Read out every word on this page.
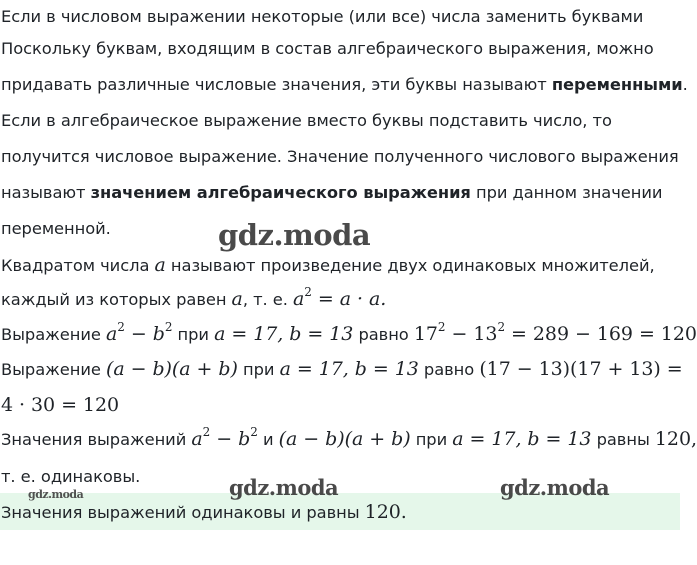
Если в числовом выражении некоторые (или все) числа заменить буквами
Поскольку буквам, входящим в состав алгебраического выражения, можно
придавать различные числовые значения, эти буквы называют переменными.
Если в алгебраическое выражение вместо буквы подставить число, то
получится числовое выражение. Значение полученного числового выражения
называют значением алгебраического выражения при данном значении
переменной.
Квадратом числа a называют произведение двух одинаковых множителей,
каждый из которых равен a, т. е. $a^2 = a \cdot a$.
Выражение $a^2 - b^2$ при a = 17, b = 13 равно $17^2 - 13^2 = 289 - 169 = 120$
Выражение (a − b)(a + b) при a = 17, b = 13 равно (17 − 13)(17 + 13) =
4 · 30 = 120
Значения выражений $a^2 - b^2$ и (a − b)(a + b) при a = 17, b = 13 равны 120,
т. е. одинаковы.
Значения выражений одинаковы и равны 120.
gdz.moda
gdz.moda	gdz.moda
gdz.moda
